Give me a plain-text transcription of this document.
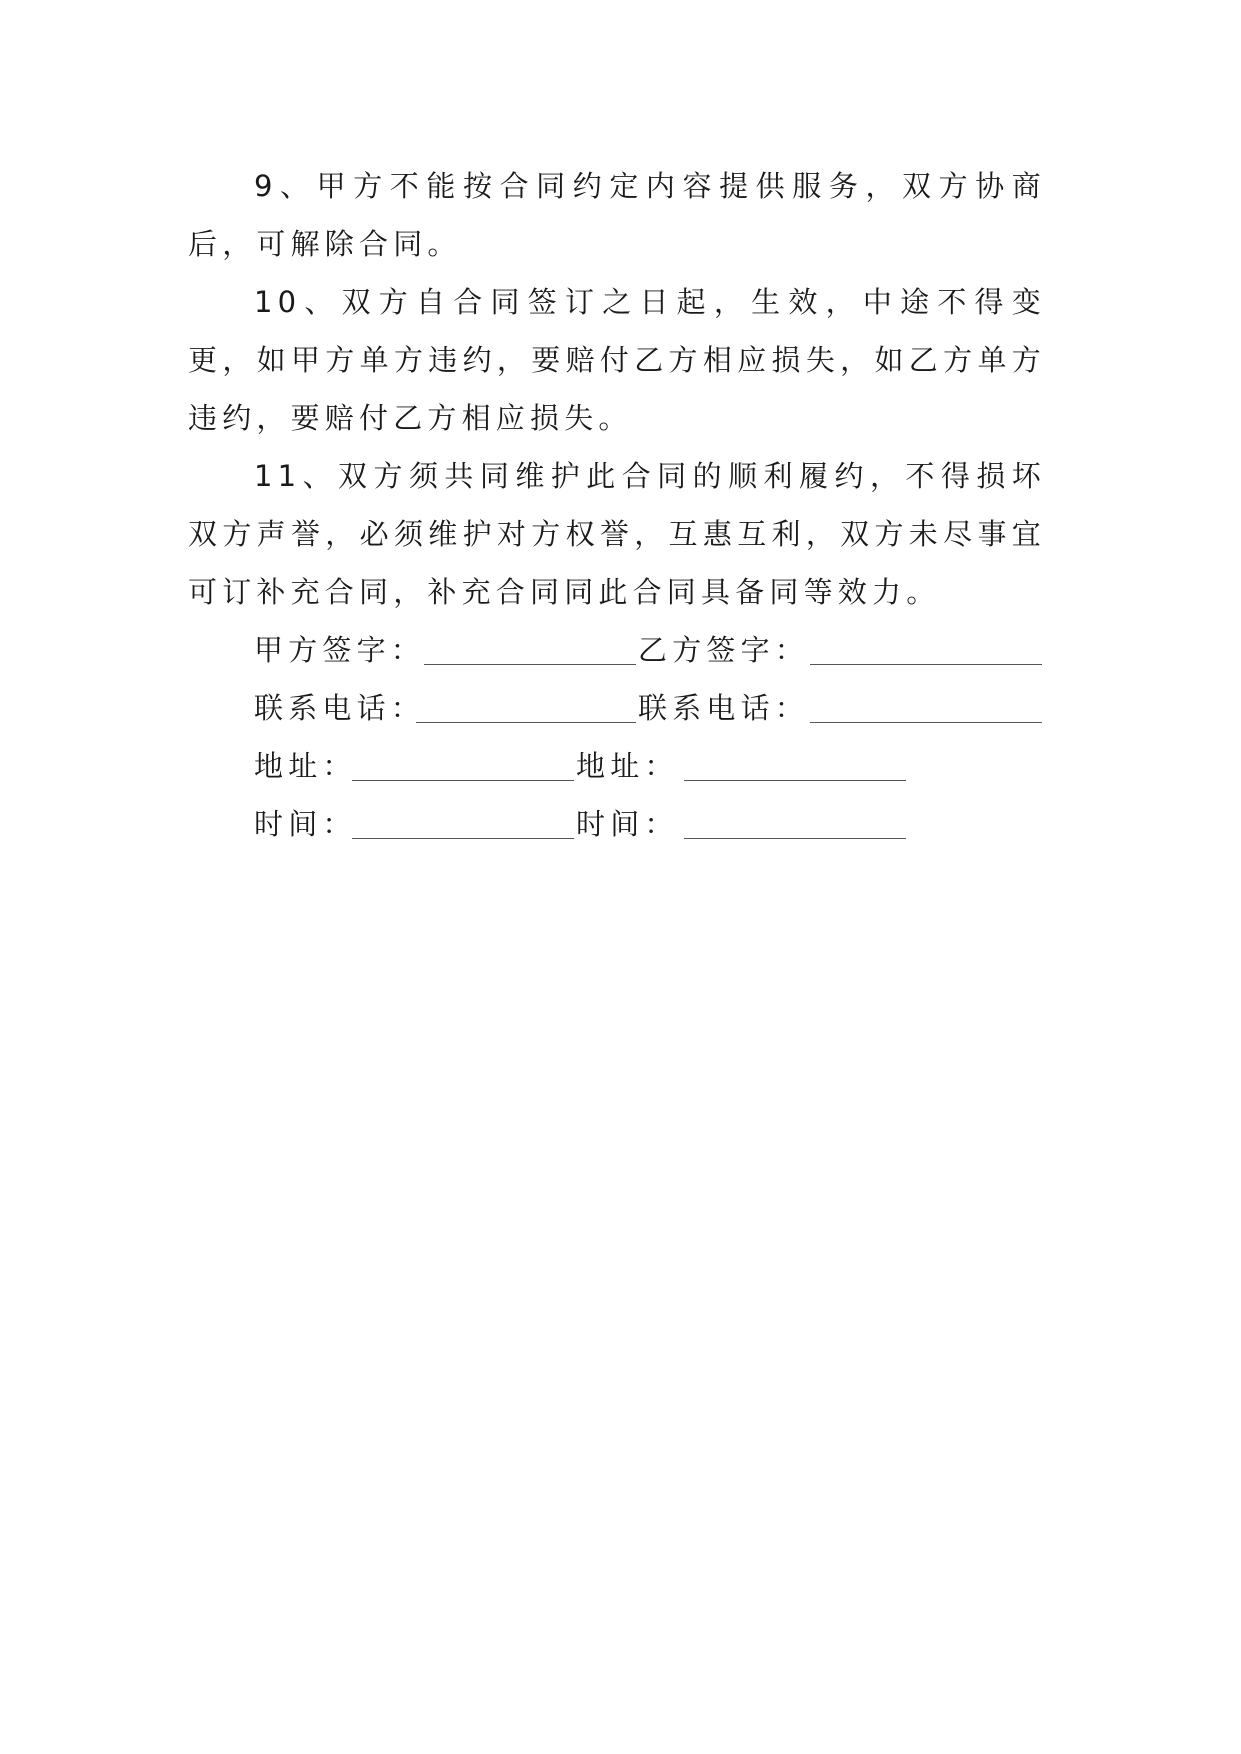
9、甲方不能按合同约定内容提供服务，双方协商后，可解除合同。

10、双方自合同签订之日起，生效，中途不得变更，如甲方单方违约，要赔付乙方相应损失，如乙方单方违约，要赔付乙方相应损失。

11、双方须共同维护此合同的顺利履约，不得损坏双方声誉，必须维护对方权誉，互惠互利，双方未尽事宜可订补充合同，补充合同同此合同具备同等效力。

甲方签字：	乙方签字：
联系电话：	联系电话：
地址：	地址：
时间：	时间：
